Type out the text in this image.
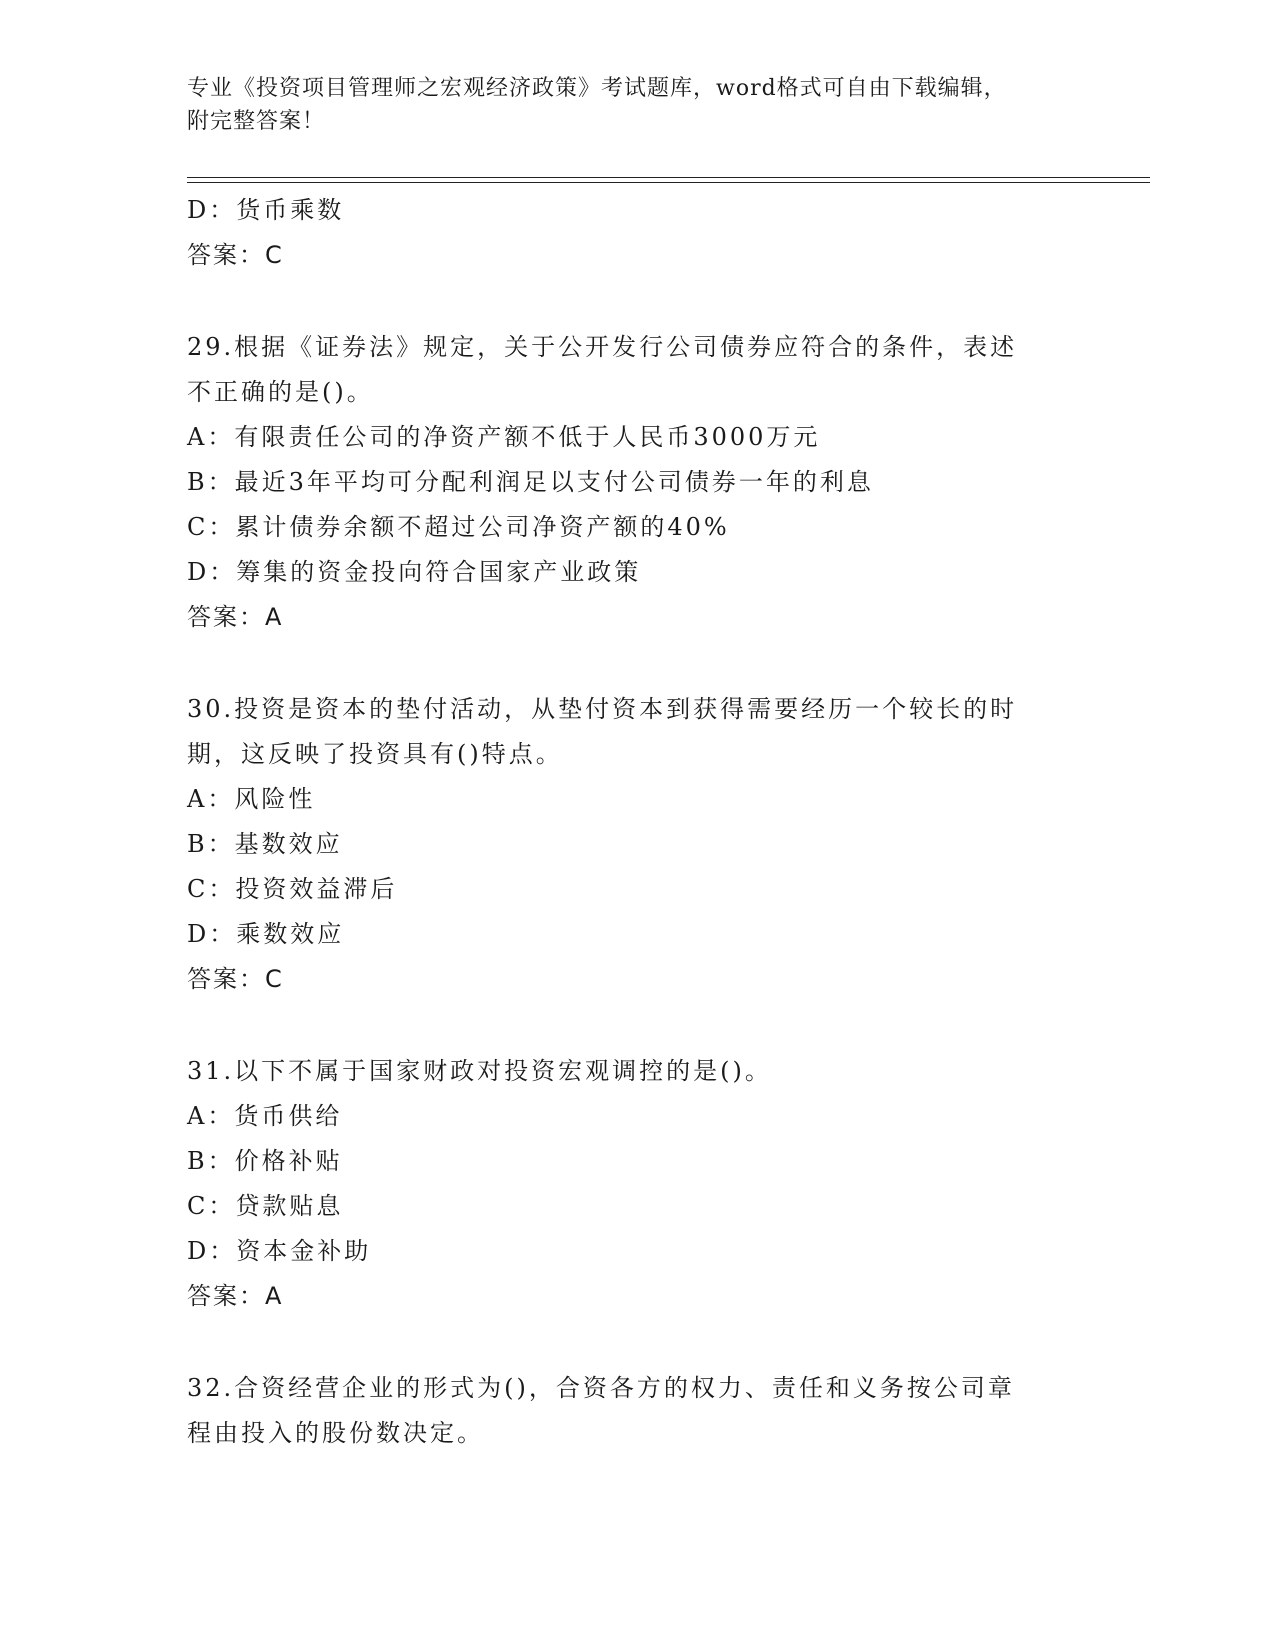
专业《投资项目管理师之宏观经济政策》考试题库，word格式可自由下载编辑，
附完整答案！
D：货币乘数
答案：C
29.根据《证券法》规定，关于公开发行公司债券应符合的条件，表述
不正确的是()。
A：有限责任公司的净资产额不低于人民币3000万元
B：最近3年平均可分配利润足以支付公司债券一年的利息
C：累计债券余额不超过公司净资产额的40%
D：筹集的资金投向符合国家产业政策
答案：A
30.投资是资本的垫付活动，从垫付资本到获得需要经历一个较长的时
期，这反映了投资具有()特点。
A：风险性
B：基数效应
C：投资效益滞后
D：乘数效应
答案：C
31.以下不属于国家财政对投资宏观调控的是()。
A：货币供给
B：价格补贴
C：贷款贴息
D：资本金补助
答案：A
32.合资经营企业的形式为()，合资各方的权力、责任和义务按公司章
程由投入的股份数决定。
